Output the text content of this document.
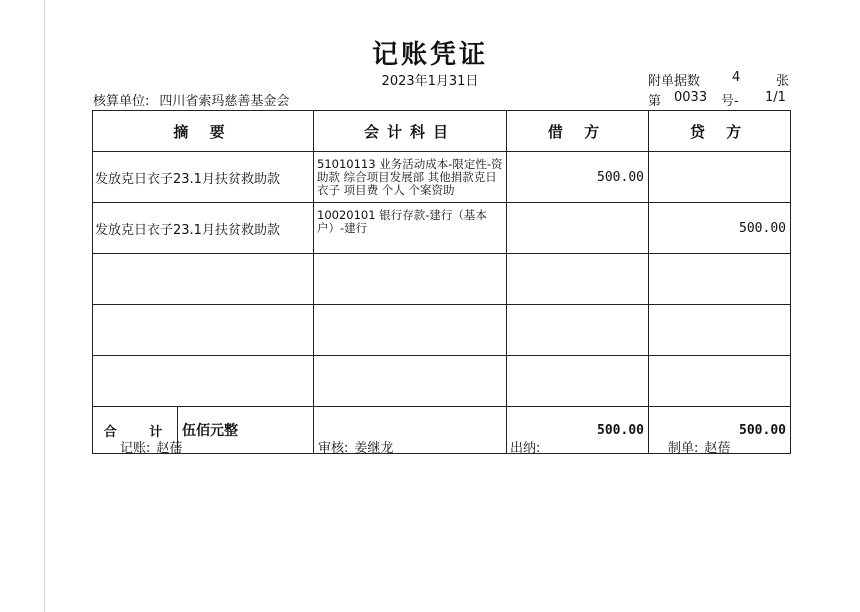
记账凭证
2023年1月31日	附单据数 4	张
核算单位: 四川省索玛慈善基金会	第 0033 号- 1/1
摘 要	会计科目	借 方	贷 方
发放克日衣子23.1月扶贫救助款	51010113 业务活动成本-限定性-资助款 综合项目发展部 其他捐款克日衣子 项目费 个人 个案资助	500.00	
发放克日衣子23.1月扶贫救助款	10020101 银行存款-建行（基本户）-建行		500.00

合 计 伍佰元整		500.00	500.00
记账: 赵蓓	审核: 姜继龙	出纳:	制单: 赵蓓
